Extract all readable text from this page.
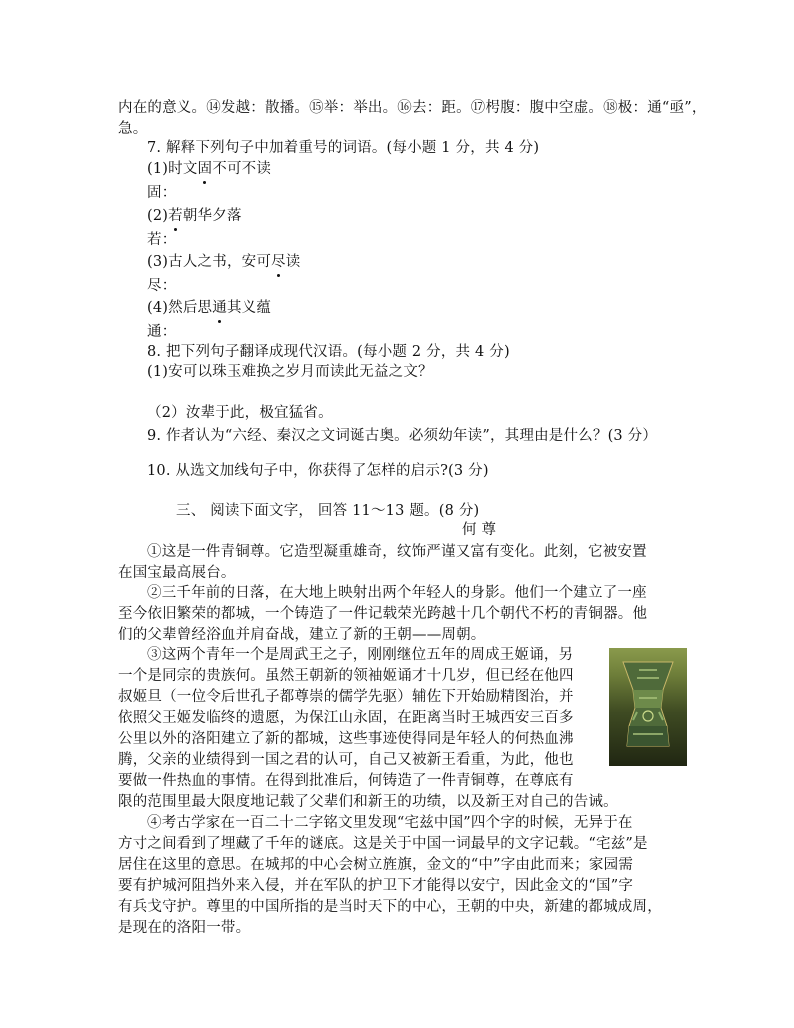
内在的意义。⑭发越：散播。⑮举：举出。⑯去：距。⑰枵腹：腹中空虚。⑱极：通“亟”，
急。
7. 解释下列句子中加着重号的词语。(每小题 1 分，共 4 分)
(1)时文固不可不读
固：
(2)若朝华夕落
若：
(3)古人之书，安可尽读
尽：
(4)然后思通其义蕴
通：
8. 把下列句子翻译成现代汉语。(每小题 2 分，共 4 分)
(1)安可以珠玉难换之岁月而读此无益之文？
（2）汝辈于此，极宜猛省。
9. 作者认为“六经、秦汉之文词诞古奥。必须幼年读”，其理由是什么？(3 分）
10. 从选文加线句子中，你获得了怎样的启示?(3 分)
三、 阅读下面文字， 回答 11～13 题。(8 分)
何 尊
①这是一件青铜尊。它造型凝重雄奇，纹饰严谨又富有变化。此刻，它被安置
在国宝最高展台。
②三千年前的日落，在大地上映射出两个年轻人的身影。他们一个建立了一座
至今依旧繁荣的都城，一个铸造了一件记载荣光跨越十几个朝代不朽的青铜器。他
们的父辈曾经浴血并肩奋战，建立了新的王朝——周朝。
③这两个青年一个是周武王之子，刚刚继位五年的周成王姬诵，另
一个是同宗的贵族何。虽然王朝新的领袖姬诵才十几岁，但已经在他四
叔姬旦（一位令后世孔子都尊崇的儒学先驱）辅佐下开始励精图治，并
依照父王姬发临终的遗愿，为保江山永固，在距离当时王城西安三百多
公里以外的洛阳建立了新的都城，这些事迹使得同是年轻人的何热血沸
腾，父亲的业绩得到一国之君的认可，自己又被新王看重，为此，他也
要做一件热血的事情。在得到批准后，何铸造了一件青铜尊，在尊底有
限的范围里最大限度地记载了父辈们和新王的功绩，以及新王对自己的告诫。
④考古学家在一百二十二字铭文里发现“宅兹中国”四个字的时候，无异于在
方寸之间看到了埋藏了千年的谜底。这是关于中国一词最早的文字记载。“宅兹”是
居住在这里的意思。在城邦的中心会树立旌旗，金文的“中”字由此而来；家园需
要有护城河阻挡外来入侵，并在军队的护卫下才能得以安宁，因此金文的“国”字
有兵戈守护。尊里的中国所指的是当时天下的中心，王朝的中央，新建的都城成周，
是现在的洛阳一带。
